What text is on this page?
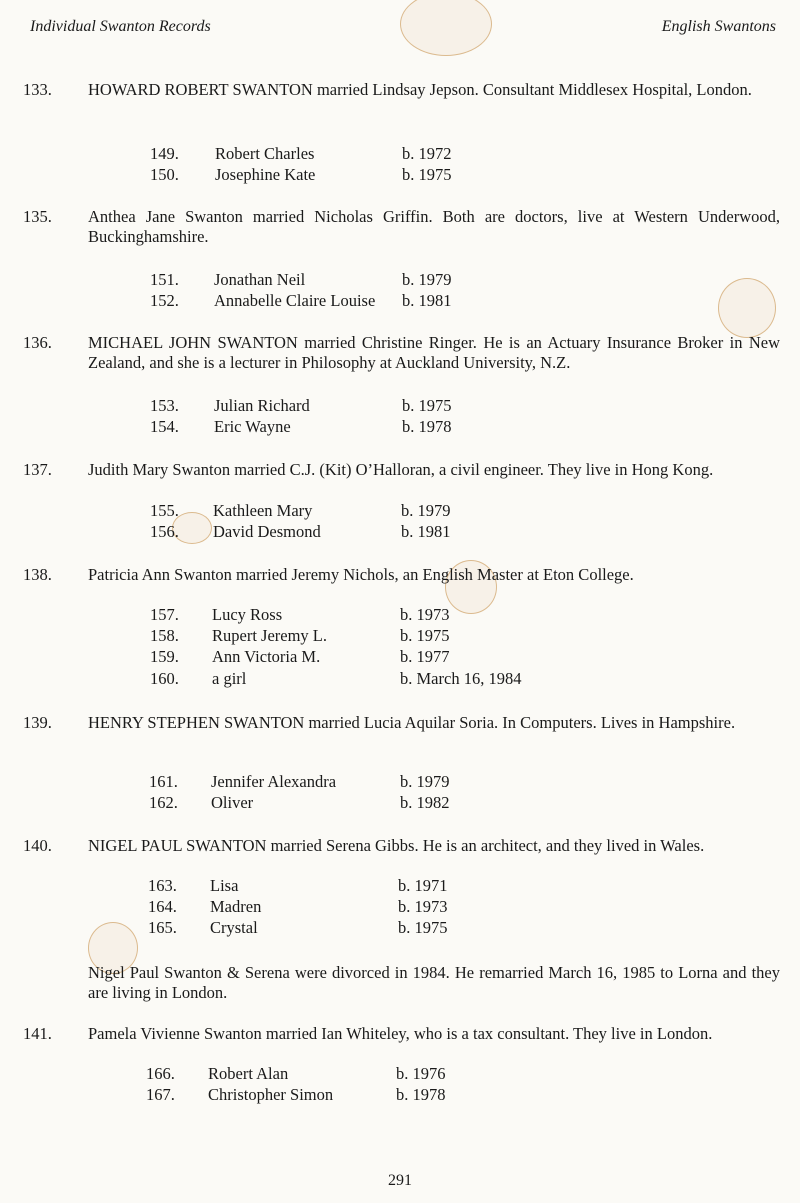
Individual Swanton Records	English Swantons
133. HOWARD ROBERT SWANTON married Lindsay Jepson. Consultant Middlesex Hospital, London.
149. Robert Charles	b. 1972
150. Josephine Kate	b. 1975
135. Anthea Jane Swanton married Nicholas Griffin. Both are doctors, live at Western Underwood, Buckinghamshire.
151. Jonathan Neil	b. 1979
152. Annabelle Claire Louise b. 1981
136. MICHAEL JOHN SWANTON married Christine Ringer. He is an Actuary Insurance Broker in New Zealand, and she is a lecturer in Philosophy at Auckland University, N.Z.
153. Julian Richard	b. 1975
154. Eric Wayne	b. 1978
137. Judith Mary Swanton married C.J. (Kit) O’Halloran, a civil engineer. They live in Hong Kong.
155. Kathleen Mary	b. 1979
156. David Desmond	b. 1981
138. Patricia Ann Swanton married Jeremy Nichols, an English Master at Eton College.
157. Lucy Ross	b. 1973
158. Rupert Jeremy L.	b. 1975
159. Ann Victoria M.	b. 1977
160. a girl	b. March 16, 1984
139. HENRY STEPHEN SWANTON married Lucia Aquilar Soria. In Computers. Lives in Hampshire.
161. Jennifer Alexandra	b. 1979
162. Oliver	b. 1982
140. NIGEL PAUL SWANTON married Serena Gibbs. He is an architect, and they lived in Wales.
163. Lisa	b. 1971
164. Madren	b. 1973
165. Crystal	b. 1975
Nigel Paul Swanton & Serena were divorced in 1984. He remarried March 16, 1985 to Lorna and they are living in London.
141. Pamela Vivienne Swanton married Ian Whiteley, who is a tax consultant. They live in London.
166. Robert Alan	b. 1976
167. Christopher Simon	b. 1978
291
